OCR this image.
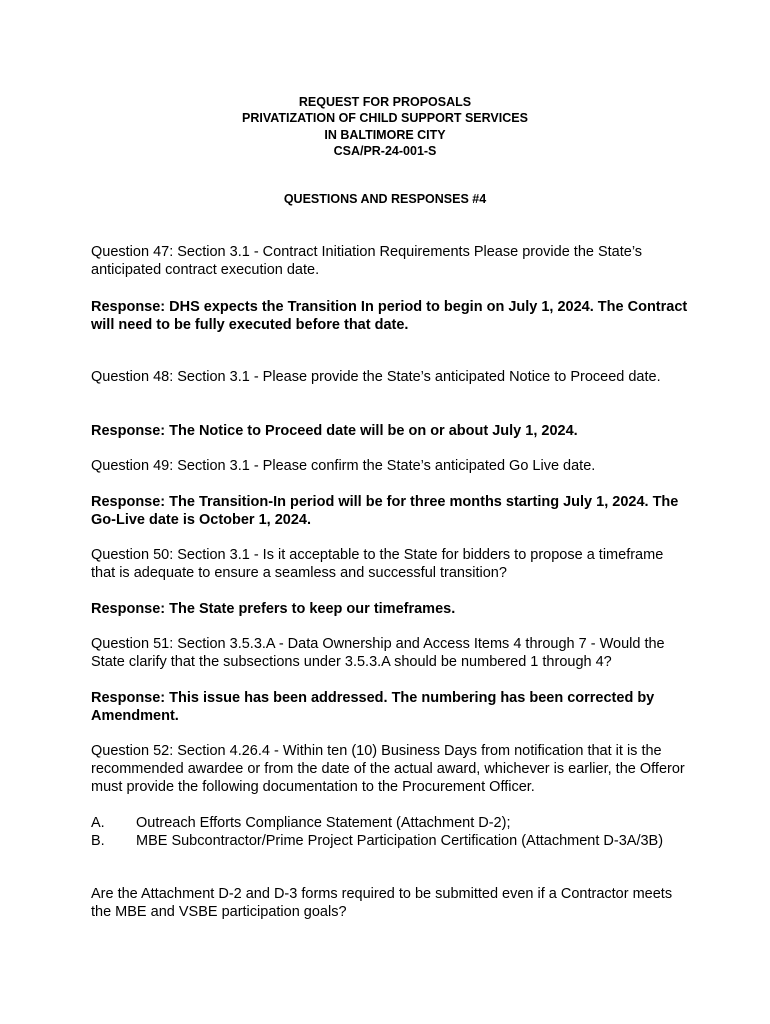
REQUEST FOR PROPOSALS
PRIVATIZATION OF CHILD SUPPORT SERVICES
IN BALTIMORE CITY
CSA/PR-24-001-S
QUESTIONS AND RESPONSES #4
Question 47: Section 3.1 - Contract Initiation Requirements Please provide the State’s anticipated contract execution date.
Response: DHS expects the Transition In period to begin on July 1, 2024. The Contract will need to be fully executed before that date.
Question 48: Section 3.1 - Please provide the State’s anticipated Notice to Proceed date.
Response: The Notice to Proceed date will be on or about July 1, 2024.
Question 49: Section 3.1 - Please confirm the State’s anticipated Go Live date.
Response: The Transition-In period will be for three months starting July 1, 2024. The Go-Live date is October 1, 2024.
Question 50: Section 3.1 - Is it acceptable to the State for bidders to propose a timeframe that is adequate to ensure a seamless and successful transition?
Response: The State prefers to keep our timeframes.
Question 51: Section 3.5.3.A - Data Ownership and Access Items 4 through 7 - Would the State clarify that the subsections under 3.5.3.A should be numbered 1 through 4?
Response: This issue has been addressed. The numbering has been corrected by Amendment.
Question 52: Section 4.26.4 - Within ten (10) Business Days from notification that it is the recommended awardee or from the date of the actual award, whichever is earlier, the Offeror must provide the following documentation to the Procurement Officer.
A. Outreach Efforts Compliance Statement (Attachment D-2);
B. MBE Subcontractor/Prime Project Participation Certification (Attachment D-3A/3B)
Are the Attachment D-2 and D-3 forms required to be submitted even if a Contractor meets the MBE and VSBE participation goals?
